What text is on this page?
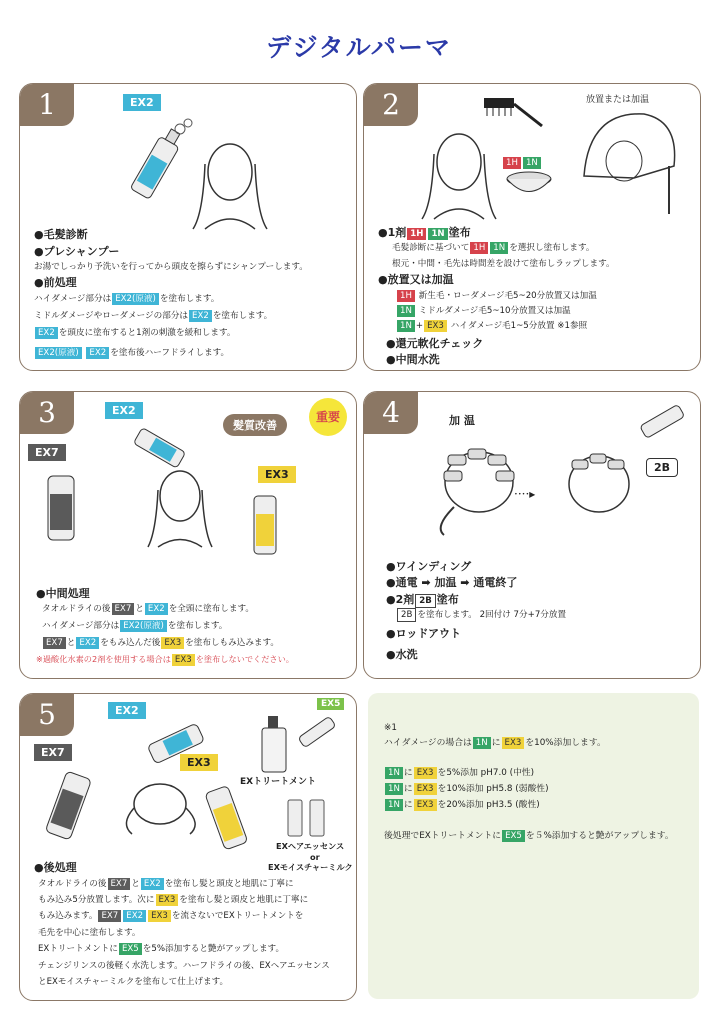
デジタルパーマ
1	EX2
●毛髪診断
●プレシャンプー
お湯でしっかり予洗いを行ってから頭皮を擦らずにシャンプーします。
●前処理
ハイダメージ部分は EX2(原液) を塗布します。
ミドルダメージやローダメージの部分は EX2 を塗布します。
EX2 を頭皮に塗布すると1剤の刺激を緩和します。
EX2(原液) EX2 を塗布後ハーフドライします。
2	放置または加温
1H 1N
●1剤 1H 1N 塗布
毛髪診断に基づいて 1H 1N を選択し塗布します。
根元・中間・毛先は時間差を設けて塗布しラップします。
●放置又は加温
1H 新生毛・ローダメージ毛5~20分放置又は加温
1N ミドルダメージ毛5~10分放置又は加温
1N + EX3 ハイダメージ毛1~5分放置 ※1参照
●還元軟化チェック
●中間水洗
3	EX2
EX7
EX3
髪質改善
重要
●中間処理
タオルドライの後 EX7 と EX2 を全頭に塗布します。
ハイダメージ部分は EX2(原液) を塗布します。
EX7 と EX2 をもみ込んだ後 EX3 を塗布しもみ込みます。
※過酸化水素の2剤を使用する場合は EX3 を塗布しないでください。
4	加 温
2B
····▸
●ワインディング
●通電 ➡ 加温 ➡ 通電終了
●2剤 2B 塗布
2B を塗布します。 2回付け 7分+7分放置
●ロッドアウト
●水洗
5	EX2
EX7
EX3
EX5
EXトリートメント
EXヘアエッセンス
or
EXモイスチャーミルク
●後処理
タオルドライの後 EX7 と EX2 を塗布し髪と頭皮と地肌に丁寧に
もみ込み5分放置します。次に EX3 を塗布し髪と頭皮と地肌に丁寧に
もみ込みます。 EX7 EX2 EX3 を流さないでEXトリートメントを
毛先を中心に塗布します。
EXトリートメントに EX5 を5%添加すると艶がアップします。
チェンジリンスの後軽く水洗します。ハーフドライの後、EXヘアエッセンス
とEXモイスチャーミルクを塗布して仕上げます。
※1
ハイダメージの場合は 1N に EX3 を10%添加します。
1N に EX3 を5%添加 pH7.0 (中性)
1N に EX3 を10%添加 pH5.8 (弱酸性)
1N に EX3 を20%添加 pH3.5 (酸性)
後処理でEXトリートメントに EX5 を５%添加すると艶がアップします。
